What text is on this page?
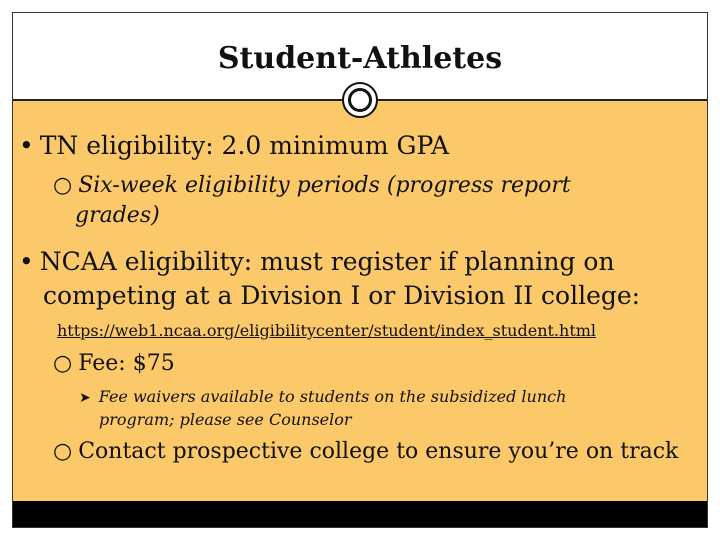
Student-Athletes
• TN eligibility: 2.0 minimum GPA
○ Six-week eligibility periods (progress report
grades)
• NCAA eligibility: must register if planning on
competing at a Division I or Division II college:
https://web1.ncaa.org/eligibilitycenter/student/index_student.html
○ Fee: $75
➤ Fee waivers available to students on the subsidized lunch
program; please see Counselor
○ Contact prospective college to ensure you’re on track
